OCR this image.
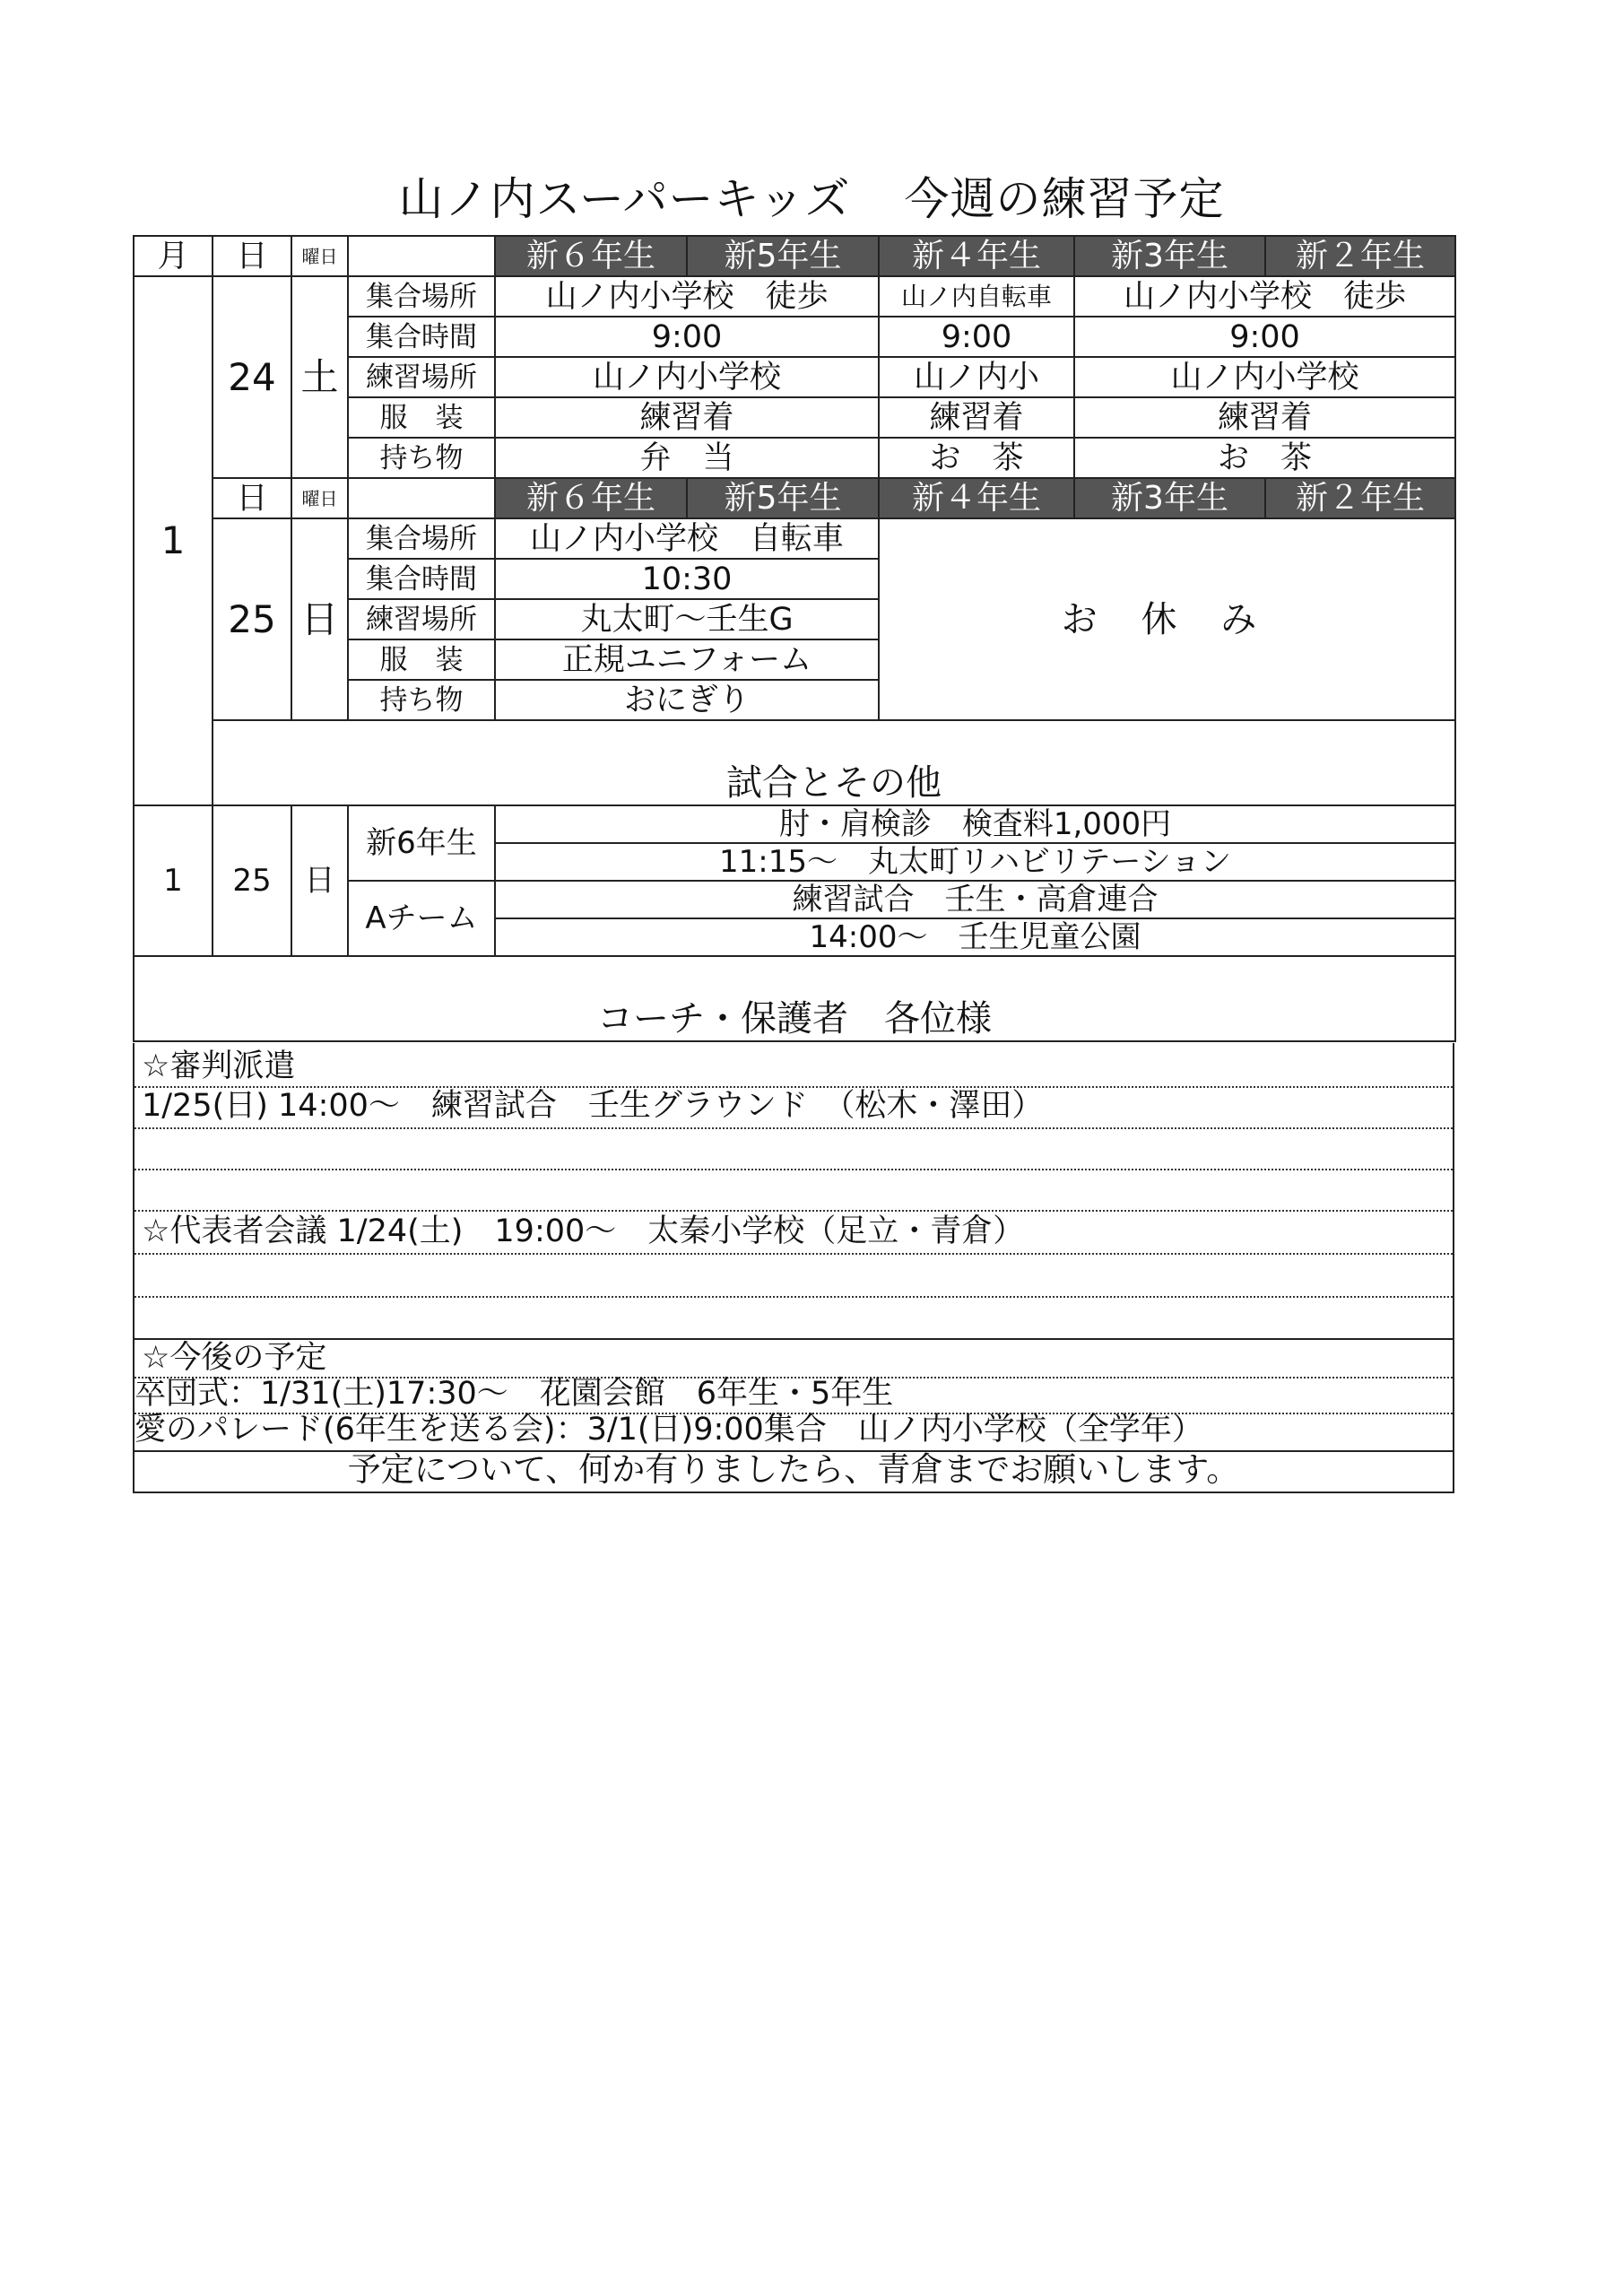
山ノ内スーパーキッズ 今週の練習予定
月	日	曜日		新６年生	新5年生	新４年生	新3年生	新２年生
1	24	土	集合場所	山ノ内小学校　徒歩		山ノ内自転車	山ノ内小学校　徒歩	
			集合時間	9:00		9:00	9:00	
			練習場所	山ノ内小学校		山ノ内小	山ノ内小学校	
			服　装	練習着		練習着	練習着	
			持ち物	弁　当		お　茶	お　茶	
	日	曜日		新６年生	新5年生	新４年生	新3年生	新２年生
	25	日	集合場所	山ノ内小学校　自転車		お 休 み		
			集合時間	10:30				
			練習場所	丸太町～壬生G				
			服　装	正規ユニフォーム				
			持ち物	おにぎり				
	試合とその他							
1	25	日	新6年生	肘・肩検診　検査料1,000円				
				11:15～　丸太町リハビリテーション				
			Aチーム	練習試合　壬生・高倉連合				
				14:00～　壬生児童公園				
コーチ・保護者　各位様								
☆審判派遣
1/25(日) 14:00～　練習試合　壬生グラウンド　（松木・澤田）
☆代表者会議 1/24(土)　19:00～　太秦小学校（足立・青倉）
☆今後の予定
卒団式：1/31(土)17:30～　花園会館　6年生・5年生
愛のパレード(6年生を送る会)：3/1(日)9:00集合　山ノ内小学校（全学年）
予定について、何か有りましたら、青倉までお願いします。
